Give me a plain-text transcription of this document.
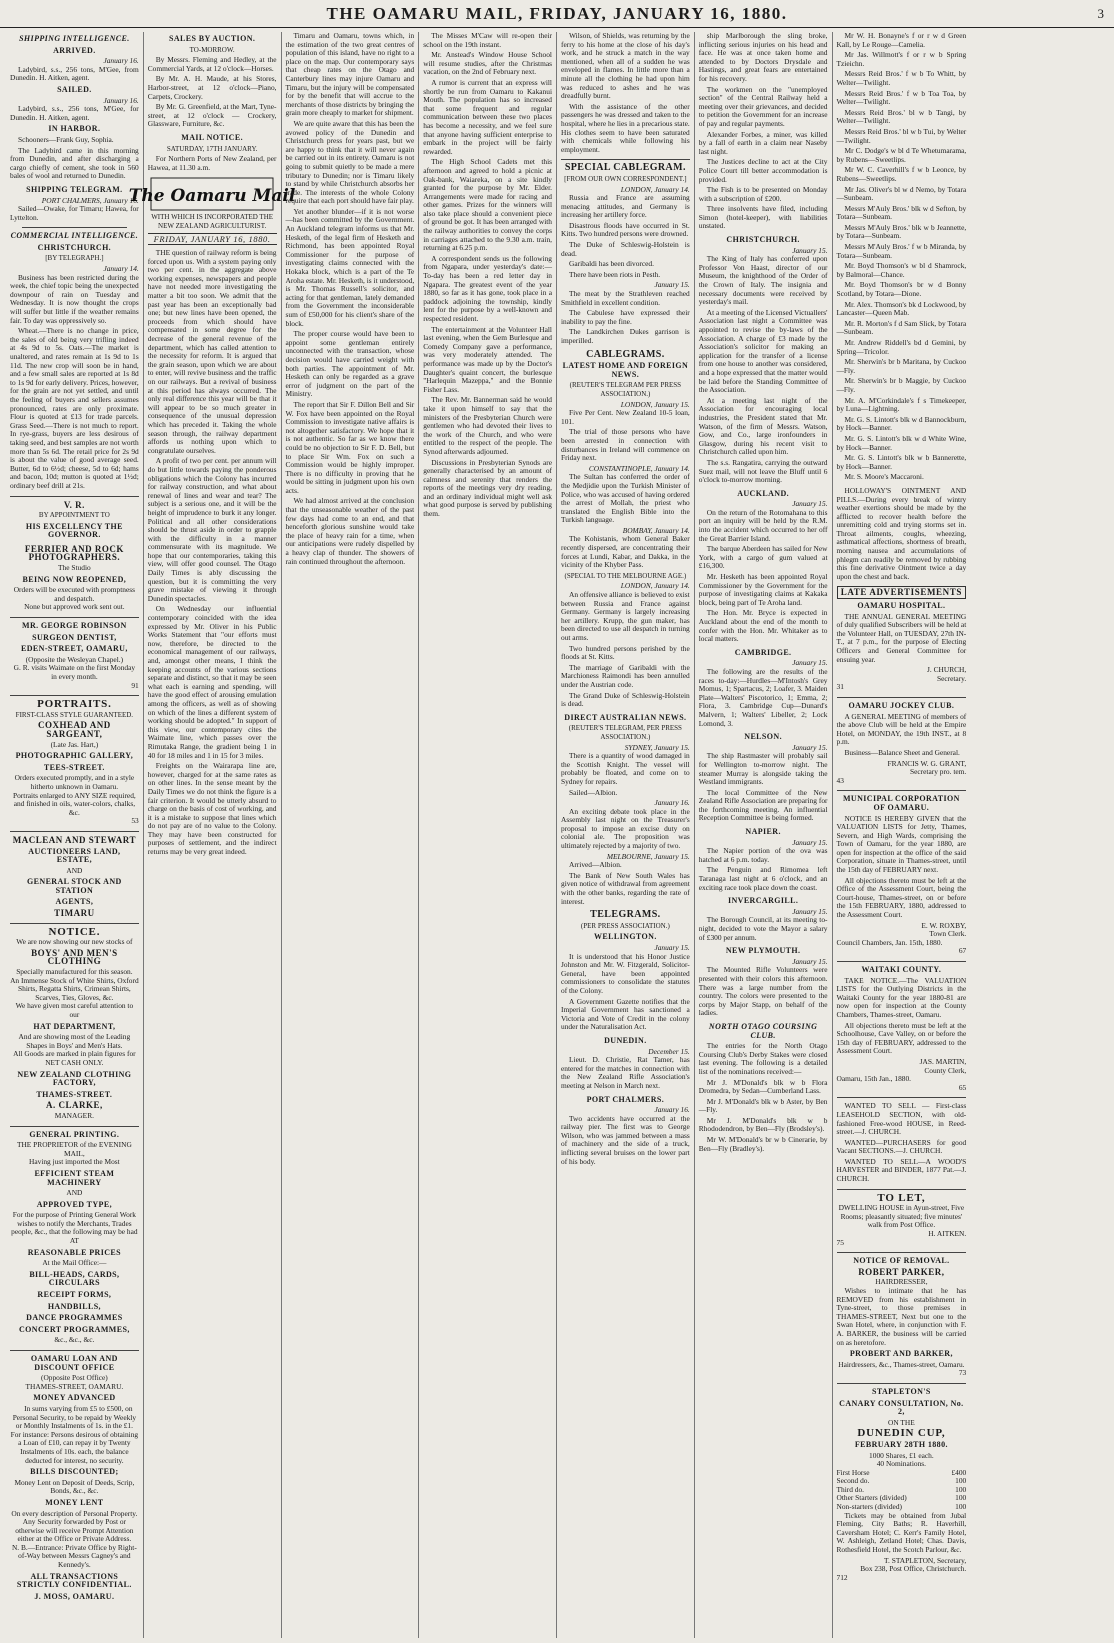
THE OAMARU MAIL, FRIDAY, JANUARY 16, 1880.	3
SHIPPING INTELLIGENCE.
ARRIVED.
January 16.
Ladybird, s.s., 256 tons, M'Gee, from Dunedin. H. Aitken, agent.
SAILED.
January 16.
Ladybird, s.s., 256 tons, M'Gee, for Dunedin. H. Aitken, agent.
IN HARBOR.
Schooners—Frank Guy, Sophia.
The Ladybird came in this morning from Dunedin, and after discharging a cargo chiefly of cement, she took in 560 bales of wool and returned to Dunedin.
SHIPPING TELEGRAM.
PORT CHALMERS, January 16.
Sailed—Owake, for Timaru; Hawea, for Lyttelton.
COMMERCIAL INTELLIGENCE.
CHRISTCHURCH.
[BY TELEGRAPH.]
January 14.
Business has been restricted during the week, the chief topic being the unexpected downpour of rain on Tuesday and Wednesday. It is now thought the crops will suffer but little if the weather remains fair. To day was oppressively so.
Wheat.—There is no change in price, the sales of old being very trifling indeed at 4s 9d to 5s. Oats.—The market is unaltered, and rates remain at 1s 9d to 1s 11d. The new crop will soon be in hand, and a few small sales are reported at 1s 8d to 1s 9d for early delivery. Prices, however, for the grain are not yet settled, and until the feeling of buyers and sellers assumes pronounced, rates are only proximate. Flour is quoted at £13 for trade parcels. Grass Seed.—There is not much to report. In rye-grass, buyers are less desirous of taking seed, and best samples are not worth more than 5s 6d. The retail price for 2s 9d is about the value of good average seed. Butter, 6d to 6½d; cheese, 5d to 6d; hams and bacon, 10d; mutton is quoted at 1½d; ordinary beef drill at 21s.
V. R.
BY APPOINTMENT TO
HIS EXCELLENCY THE GOVERNOR.
FERRIER AND ROCK PHOTOGRAPHERS.
The Studio
BEING NOW REOPENED,
Orders will be executed with promptness and despatch.
None but approved work sent out.
MR. GEORGE ROBINSON
SURGEON DENTIST,
EDEN-STREET, OAMARU,
(Opposite the Wesleyan Chapel.)
G. R. visits Waimate on the first Monday in every month.
91
PORTRAITS.
FIRST-CLASS STYLE GUARANTEED.
COXHEAD AND SARGEANT,
(Late Jas. Hart,)
PHOTOGRAPHIC GALLERY,
TEES-STREET.
Orders executed promptly, and in a style hitherto unknown in Oamaru.
Portraits enlarged to ANY SIZE required, and finished in oils, water-colors, chalks, &c.
53
MACLEAN AND STEWART
AUCTIONEERS LAND, ESTATE,
AND
GENERAL STOCK AND STATION
AGENTS,
TIMARU
NOTICE.
We are now showing our new stocks of
BOYS' AND MEN'S CLOTHING
Specially manufactured for this season.
An Immense Stock of White Shirts, Oxford Shirts, Regatta Shirts, Crimean Shirts, Scarves, Ties, Gloves, &c.
We have given most careful attention to our
HAT DEPARTMENT,
And are showing most of the Leading Shapes in Boys' and Men's Hats.
All Goods are marked in plain figures for NET CASH ONLY.
NEW ZEALAND CLOTHING FACTORY,
THAMES-STREET.
A. CLARKE,
MANAGER.
GENERAL PRINTING.
THE PROPRIETOR of the EVENING MAIL,
Having just imported the Most
EFFICIENT STEAM MACHINERY
AND
APPROVED TYPE,
For the purpose of Printing General Work wishes to notify the Merchants, Trades people, &c., that the following may be had
AT
REASONABLE PRICES
At the Mail Office:—
BILL-HEADS, CARDS, CIRCULARS
RECEIPT FORMS,
HANDBILLS,
DANCE PROGRAMMES
CONCERT PROGRAMMES,
&c., &c., &c.
OAMARU LOAN AND DISCOUNT OFFICE
(Opposite Post Office)
THAMES-STREET, OAMARU.
MONEY ADVANCED
In sums varying from £5 to £500, on Personal Security, to be repaid by Weekly or Monthly Instalments of 1s. in the £1. For instance: Persons desirous of obtaining a Loan of £10, can repay it by Twenty Instalments of 10s. each, the balance deducted for interest, no security.
BILLS DISCOUNTED;
Money Lent on Deposit of Deeds, Scrip, Bonds, &c., &c.
MONEY LENT
On every description of Personal Property.
Any Security forwarded by Post or otherwise will receive Prompt Attention either at the Office or Private Address.
N. B.—Entrance: Private Office by Right-of-Way between Messrs Cagney's and Kennedy's.
ALL TRANSACTIONS STRICTLY CONFIDENTIAL.
J. MOSS, OAMARU.
SALES BY AUCTION.
TO-MORROW.
By Messrs. Fleming and Hedley, at the Commercial Yards, at 12 o'clock—Horses.
By Mr. A. H. Maude, at his Stores, Harbor-street, at 12 o'clock—Piano, Carpets, Crockery.
By Mr. G. Greenfield, at the Mart, Tyne-street, at 12 o'clock — Crockery, Glassware, Furniture, &c.
MAIL NOTICE.
SATURDAY, 17TH JANUARY.
For Northern Ports of New Zealand, per Hawea, at 11.30 a.m.
The Oamaru Mail
WITH WHICH IS INCORPORATED THE NEW ZEALAND AGRICULTURIST.
FRIDAY, JANUARY 16, 1880.
THE question of railway reform is being forced upon us. With a system paying only two per cent. in the aggregate above working expenses, newspapers and people have not needed more investigating the matter a bit too soon. We admit that the past year has been an exceptionally bad one; but new lines have been opened, the proceeds from which should have compensated in some degree for the decrease of the general revenue of the department, which has called attention to the necessity for reform. It is argued that the grain season, upon which we are about to enter, will revive business and the traffic on our railways. But a revival of business at this period has always occurred. The only real difference this year will be that it will appear to be so much greater in consequence of the unusual depression which has preceded it. Taking the whole season through, the railway department affords us nothing upon which to congratulate ourselves.
A profit of two per cent. per annum will do but little towards paying the ponderous obligations which the Colony has incurred for railway construction, and what about renewal of lines and wear and tear? The subject is a serious one, and it will be the height of imprudence to burk it any longer. Political and all other considerations should be thrust aside in order to grapple with the difficulty in a manner commensurate with its magnitude. We hope that our contemporaries, taking this view, will offer good counsel. The Otago Daily Times is ably discussing the question, but it is committing the very grave mistake of viewing it through Dunedin spectacles.
On Wednesday our influential contemporary coincided with the idea expressed by Mr. Oliver in his Public Works Statement that "our efforts must now, therefore, be directed to the economical management of our railways, and, amongst other means, I think the keeping accounts of the various sections separate and distinct, so that it may be seen what each is earning and spending, will have the good effect of arousing emulation among the officers, as well as of showing on which of the lines a different system of working should be adopted." In support of this view, our contemporary cites the Waimate line, which passes over the Rimutaka Range, the gradient being 1 in 40 for 18 miles and 1 in 15 for 3 miles.
Freights on the Wairarapa line are, however, charged for at the same rates as on other lines. In the sense meant by the Daily Times we do not think the figure is a fair criterion. It would be utterly absurd to charge on the basis of cost of working, and it is a mistake to suppose that lines which do not pay are of no value to the Colony. They may have been constructed for purposes of settlement, and the indirect returns may be very great indeed.
Timaru and Oamaru, towns which, in the estimation of the two great centres of population of this island, have no right to a place on the map. Our contemporary says that cheap rates on the Otago and Canterbury lines may injure Oamaru and Timaru, but the injury will be compensated for by the benefit that will accrue to the merchants of those districts by bringing the grain more cheaply to market for shipment.
We are quite aware that this has been the avowed policy of the Dunedin and Christchurch press for years past, but we are happy to think that it will never again be carried out in its entirety. Oamaru is not going to submit quietly to be made a mere tributary to Dunedin; nor is Timaru likely to stand by while Christchurch absorbs her trade. The interests of the whole Colony require that each port should have fair play.
Yet another blunder—if it is not worse—has been committed by the Government. An Auckland telegram informs us that Mr. Hesketh, of the legal firm of Hesketh and Richmond, has been appointed Royal Commissioner for the purpose of investigating claims connected with the Hokaka block, which is a part of the Te Aroha estate. Mr. Hesketh, is it understood, is Mr. Thomas Russell's solicitor, and acting for that gentleman, lately demanded from the Government the inconsiderable sum of £50,000 for his client's share of the block.
The proper course would have been to appoint some gentleman entirely unconnected with the transaction, whose decision would have carried weight with both parties. The appointment of Mr. Hesketh can only be regarded as a grave error of judgment on the part of the Ministry.
The report that Sir F. Dillon Bell and Sir W. Fox have been appointed on the Royal Commission to investigate native affairs is not altogether satisfactory. We hope that it is not authentic. So far as we know there could be no objection to Sir F. D. Bell, but to place Sir Wm. Fox on such a Commission would be highly improper. There is no difficulty in proving that he would be sitting in judgment upon his own acts.
We had almost arrived at the conclusion that the unseasonable weather of the past few days had come to an end, and that henceforth glorious sunshine would take the place of heavy rain for a time, when our anticipations were rudely dispelled by a heavy clap of thunder. The showers of rain continued throughout the afternoon.
The Misses M'Caw will re-open their school on the 19th instant.
Mr. Anstead's Window House School will resume studies, after the Christmas vacation, on the 2nd of February next.
A rumor is current that an express will shortly be run from Oamaru to Kakanui Mouth. The population has so increased that some frequent and regular communication between these two places has become a necessity, and we feel sure that anyone having sufficient enterprise to embark in the project will be fairly rewarded.
The High School Cadets met this afternoon and agreed to hold a picnic at Oak-bank, Waiareka, on a site kindly granted for the purpose by Mr. Elder. Arrangements were made for racing and other games. Prizes for the winners will also take place should a convenient piece of ground be got. It has been arranged with the railway authorities to convey the corps in carriages attached to the 9.30 a.m. train, returning at 6.25 p.m.
A correspondent sends us the following from Ngapara, under yesterday's date:—To-day has been a red letter day in Ngapara. The greatest event of the year 1880, so far as it has gone, took place in a paddock adjoining the township, kindly lent for the purpose by a well-known and respected resident.
The entertainment at the Volunteer Hall last evening, when the Gem Burlesque and Comedy Company gave a performance, was very moderately attended. The performance was made up by the Doctor's Daughter's quaint concert, the burlesque "Harlequin Mazeppa," and the Bonnie Fisher Lass.
The Rev. Mr. Bannerman said he would take it upon himself to say that the ministers of the Presbyterian Church were gentlemen who had devoted their lives to the work of the Church, and who were entitled to the respect of the people. The Synod afterwards adjourned.
Discussions in Presbyterian Synods are generally characterised by an amount of calmness and serenity that renders the reports of the meetings very dry reading, and an ordinary individual might well ask what good purpose is served by publishing them.
Wilson, of Shields, was returning by the ferry to his home at the close of his day's work, and he struck a match in the way mentioned, when all of a sudden he was enveloped in flames. In little more than a minute all the clothing he had upon him was reduced to ashes and he was dreadfully burnt.
With the assistance of the other passengers he was dressed and taken to the hospital, where he lies in a precarious state. His clothes seem to have been saturated with chemicals while following his employment.
SPECIAL CABLEGRAM.
[FROM OUR OWN CORRESPONDENT.]
LONDON, January 14.
Russia and France are assuming menacing attitudes, and Germany is increasing her artillery force.
Disastrous floods have occurred in St. Kitts. Two hundred persons were drowned.
The Duke of Schleswig-Holstein is dead.
Garibaldi has been divorced.
There have been riots in Pesth.
January 15.
The meat by the Strathleven reached Smithfield in excellent condition.
The Cabulese have expressed their inability to pay the fine.
The Landkirchen Dukes garrison is imperilled.
CABLEGRAMS.
LATEST HOME AND FOREIGN NEWS.
(REUTER'S TELEGRAM PER PRESS ASSOCIATION.)
LONDON, January 15.
Five Per Cent. New Zealand 10-5 loan, 101.
The trial of those persons who have been arrested in connection with disturbances in Ireland will commence on Friday next.
CONSTANTINOPLE, January 14.
The Sultan has conferred the order of the Medjidie upon the Turkish Minister of Police, who was accused of having ordered the arrest of Mollah, the priest who translated the English Bible into the Turkish language.
BOMBAY, January 14.
The Kohistanis, whom General Baker recently dispersed, are concentrating their forces at Lundi, Kabar, and Dakka, in the vicinity of the Khyber Pass.
(SPECIAL TO THE MELBOURNE AGE.)
LONDON, January 14.
An offensive alliance is believed to exist between Russia and France against Germany. Germany is largely increasing her artillery. Krupp, the gun maker, has been directed to use all despatch in turning out arms.
Two hundred persons perished by the floods at St. Kitts.
The marriage of Garibaldi with the Marchioness Raimondi has been annulled under the Austrian code.
The Grand Duke of Schleswig-Holstein is dead.
DIRECT AUSTRALIAN NEWS.
(REUTER'S TELEGRAM, PER PRESS ASSOCIATION.)
SYDNEY, January 15.
There is a quantity of wood damaged in the Scottish Knight. The vessel will probably be floated, and come on to Sydney for repairs.
Sailed—Albion.
January 16.
An exciting debate took place in the Assembly last night on the Treasurer's proposal to impose an excise duty on colonial ale. The proposition was ultimately rejected by a majority of two.
MELBOURNE, January 15.
Arrived—Albion.
The Bank of New South Wales has given notice of withdrawal from agreement with the other banks, regarding the rate of interest.
TELEGRAMS.
(PER PRESS ASSOCIATION.)
WELLINGTON.
January 15.
It is understood that his Honor Justice Johnston and Mr. W. Fitzgerald, Solicitor-General, have been appointed commissioners to consolidate the statutes of the Colony.
A Government Gazette notifies that the Imperial Government has sanctioned a Victoria and Vote of Credit in the colony under the Naturalisation Act.
DUNEDIN.
December 15.
Lieut. D. Christie, Rat Tamer, has entered for the matches in connection with the New Zealand Rifle Association's meeting at Nelson in March next.
PORT CHALMERS.
January 16.
Two accidents have occurred at the railway pier. The first was to George Wilson, who was jammed between a mass of machinery and the side of a truck, inflicting several bruises on the lower part of his body.
ship Marlborough the sling broke, inflicting serious injuries on his head and face. He was at once taken home and attended to by Doctors Drysdale and Hastings, and great fears are entertained for his recovery.
The workmen on the "unemployed section" of the Central Railway held a meeting over their grievances, and decided to petition the Government for an increase of pay and regular payments.
Alexander Forbes, a miner, was killed by a fall of earth in a claim near Naseby last night.
The Justices decline to act at the City Police Court till better accommodation is provided.
The Fish is to be presented on Monday with a subscription of £200.
Three insolvents have filed, including Simon (hotel-keeper), with liabilities unstated.
CHRISTCHURCH.
January 15.
The King of Italy has conferred upon Professor Von Haast, director of our Museum, the knighthood of the Order of the Crown of Italy. The insignia and necessary documents were received by yesterday's mail.
At a meeting of the Licensed Victuallers' Association last night a Committee was appointed to revise the by-laws of the Association. A charge of £3 made by the Association's solicitor for making an application for the transfer of a license from one house to another was considered, and a hope expressed that the matter would be laid before the Standing Committee of the Association.
At a meeting last night of the Association for encouraging local industries, the President stated that Mr. Watson, of the firm of Messrs. Watson, Gow, and Co., large ironfounders in Glasgow, during his recent visit to Christchurch called upon him.
The s.s. Rangatira, carrying the outward Suez mail, will not leave the Bluff until 6 o'clock to-morrow morning.
AUCKLAND.
January 15.
On the return of the Rotomahana to this port an inquiry will be held by the R.M. into the accident which occurred to her off the Great Barrier Island.
The barque Aberdeen has sailed for New York, with a cargo of gum valued at £16,300.
Mr. Hesketh has been appointed Royal Commissioner by the Government for the purpose of investigating claims at Kakaka block, being part of Te Aroha land.
The Hon. Mr. Bryce is expected in Auckland about the end of the month to confer with the Hon. Mr. Whitaker as to local matters.
CAMBRIDGE.
January 15.
The following are the results of the races to-day:—Hurdles—M'Intosh's Grey Momus, 1; Spartacus, 2; Loafer, 3. Maiden Plate—Walters' Piscotorico, 1; Emma, 2; Flora, 3. Cambridge Cup—Dunard's Malvern, 1; Walters' Libeller, 2; Lock Lomond, 3.
NELSON.
January 15.
The ship Rastmaster will probably sail for Wellington to-morrow night. The steamer Murray is alongside taking the Westland immigrants.
The local Committee of the New Zealand Rifle Association are preparing for the forthcoming meeting. An influential Reception Committee is being formed.
NAPIER.
January 15.
The Napier portion of the ova was hatched at 6 p.m. today.
The Penguin and Rimomea left Taranaga last night at 6 o'clock, and an exciting race took place down the coast.
INVERCARGILL.
January 15.
The Borough Council, at its meeting to-night, decided to vote the Mayor a salary of £300 per annum.
NEW PLYMOUTH.
January 15.
The Mounted Rifle Volunteers were presented with their colors this afternoon. There was a large number from the country. The colors were presented to the corps by Major Stapp, on behalf of the ladies.
NORTH OTAGO COURSING CLUB.
The entries for the North Otago Coursing Club's Derby Stakes were closed last evening. The following is a detailed list of the nominations received:—
Mr J. M'Donald's blk w b Flora Dromedra, by Sedan—Cumberland Lass.
Mr J. M'Donald's blk w b Aster, by Ben—Fly.
Mr J. M'Donald's blk w b Rhododendron, by Ben—Fly (Brodsley's).
Mr W. M'Donald's br w b Cinerarie, by Ben—Fly (Bradley's).
Mr W. H. Bonayne's f or r w d Green Kall, by Le Rouge—Camelia.
Mr Jas. Willmott's f or r w b Spring Tzieichn.
Messrs Reid Bros.' f w b To Whitt, by Welter—Twilight.
Messrs Reid Bros.' f w b Toa Toa, by Welter—Twilight.
Messrs Reid Bros.' bl w b Tangi, by Welter—Twilight.
Messrs Reid Bros.' bl w b Tui, by Welter—Twilight.
Mr C. Dodge's w bl d Te Whetumarama, by Rubens—Sweetlips.
Mr W. C. Caverhill's f w b Leonce, by Rubens—Sweetlips.
Mr Jas. Oliver's bl w d Nemo, by Totara—Sunbeam.
Messrs M'Auly Bros.' blk w d Sefton, by Totara—Sunbeam.
Messrs M'Auly Bros.' blk w b Jeannette, by Totara—Sunbeam.
Messrs M'Auly Bros.' f w b Miranda, by Totara—Sunbeam.
Mr. Boyd Thomson's w bl d Shamrock, by Balmoral—Chance.
Mr. Boyd Thomson's br w d Bonny Scotland, by Totara—Dione.
Mr. Alex. Thomson's bk d Lockwood, by Lancaster—Queen Mab.
Mr. R. Morton's f d Sam Slick, by Totara—Sunbeam.
Mr. Andrew Riddell's bd d Gemini, by Spring—Tricolor.
Mr. Sherwin's br b Maritana, by Cuckoo—Fly.
Mr. Sherwin's br b Maggie, by Cuckoo—Fly.
Mr. A. M'Corkindale's f s Timekeeper, by Luna—Lightning.
Mr. G. S. Lintott's blk w d Bannockburn, by Hock—Banner.
Mr. G. S. Lintott's blk w d White Wine, by Hock—Banner.
Mr. G. S. Lintott's blk w b Bannerette, by Hock—Banner.
Mr. S. Moore's Maccaroni.
HOLLOWAY'S OINTMENT AND PILLS.—During every break of wintry weather exertions should be made by the afflicted to recover health before the unremitting cold and trying storms set in. Throat ailments, coughs, wheezing, asthmatical affections, shortness of breath, morning nausea and accumulations of phlegm can readily be removed by rubbing this fine derivative Ointment twice a day upon the chest and back.
LATE ADVERTISEMENTS
OAMARU HOSPITAL.
THE ANNUAL GENERAL MEETING of duly qualified Subscribers will be held at the Volunteer Hall, on TUESDAY, 27th IN-T., at 7 p.m., for the purpose of Electing Officers and General Committee for ensuing year.
J. CHURCH,
Secretary.
31
OAMARU JOCKEY CLUB.
A GENERAL MEETING of members of the above Club will be held at the Empire Hotel, on MONDAY, the 19th INST., at 8 p.m.
Business—Balance Sheet and General.
FRANCIS W. G. GRANT,
Secretary pro. tem.
43
MUNICIPAL CORPORATION OF OAMARU.
NOTICE IS HEREBY GIVEN that the VALUATION LISTS for Jetty, Thames, Severn, and High Wards, comprising the Town of Oamaru, for the year 1880, are open for inspection at the office of the said Corporation, situate in Thames-street, until the 15th day of FEBRUARY next.
All objections thereto must be left at the Office of the Assessment Court, being the Court-house, Thames-street, on or before the 15th FEBRUARY, 1880, addressed to the Assessment Court.
E. W. ROXBY,
Town Clerk.
Council Chambers, Jan. 15th, 1880.
67
WAITAKI COUNTY.
TAKE NOTICE.—The VALUATION LISTS for the Outlying Districts in the Waitaki County for the year 1880-81 are now open for inspection at the County Chambers, Thames-street, Oamaru.
All objections thereto must be left at the Schoolhouse, Cave Valley, on or before the 15th day of FEBRUARY, addressed to the Assessment Court.
JAS. MARTIN,
County Clerk,
Oamaru, 15th Jan., 1880.
65
WANTED TO SELL — First-class LEASEHOLD SECTION, with old-fashioned Free-wood HOUSE, in Reed-street.—J. CHURCH.
WANTED—PURCHASERS for good Vacant SECTIONS.—J. CHURCH.
WANTED TO SELL—A WOOD'S HARVESTER and BINDER, 1877 Pat.—J. CHURCH.
TO LET,
DWELLING HOUSE in Ayun-street, Five Rooms; pleasantly situated; five minutes' walk from Post Office.
H. AITKEN.
75
NOTICE OF REMOVAL.
ROBERT PARKER,
HAIRDRESSER,
Wishes to intimate that he has REMOVED from his establishment in Tyne-street, to those premises in THAMES-STREET, Next but one to the Swan Hotel, where, in conjunction with F. A. BARKER, the business will be carried on as heretofore.
PROBERT AND BARKER,
Hairdressers, &c., Thames-street, Oamaru.
73
STAPLETON'S
CANARY CONSULTATION, No. 2,
ON THE
DUNEDIN CUP,
FEBRUARY 28TH 1880.
1000 Shares, £1 each.
40 Nominations.
First Horse	£400
Second do.	100
Third do.	100
Other Starters (divided)	100
Non-starters (divided)	100
Tickets may be obtained from Jubal Fleming, City Baths; R. Haverhill, Caversham Hotel; C. Kerr's Family Hotel, W. Ashleigh, Zetland Hotel; Chas. Davis, Rothesfield Hotel, the Scotch Parlour, &c.
T. STAPLETON, Secretary,
Box 238, Post Office, Christchurch.
712
